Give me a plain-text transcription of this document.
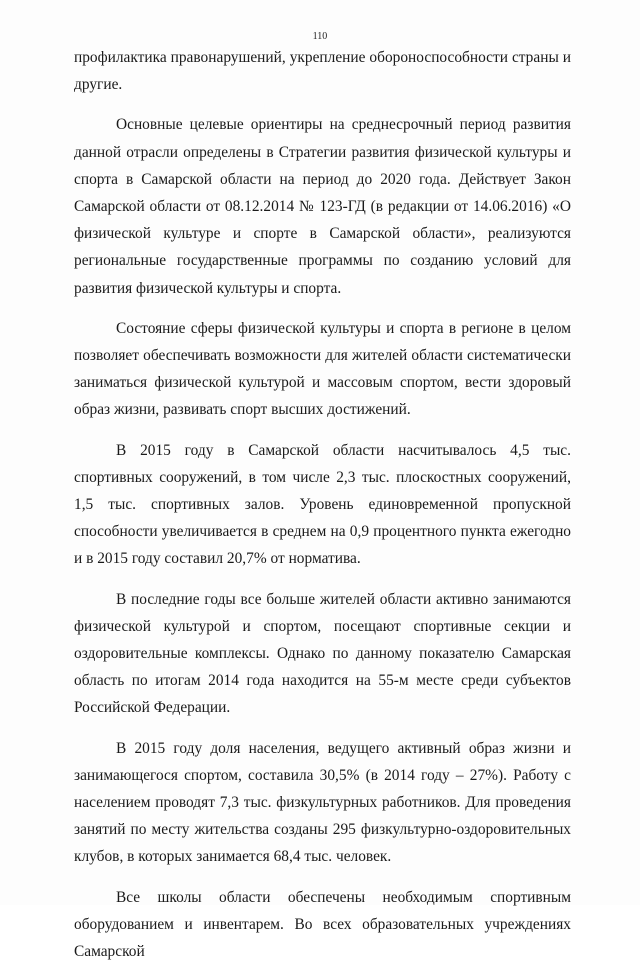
110

профилактика правонарушений, укрепление обороноспособности страны и другие.

Основные целевые ориентиры на среднесрочный период развития данной отрасли определены в Стратегии развития физической культуры и спорта в Самарской области на период до 2020 года. Действует Закон Самарской области от 08.12.2014 № 123-ГД (в редакции от 14.06.2016) «О физической культуре и спорте в Самарской области», реализуются региональные государственные программы по созданию условий для развития физической культуры и спорта.

Состояние сферы физической культуры и спорта в регионе в целом позволяет обеспечивать возможности для жителей области систематически заниматься физической культурой и массовым спортом, вести здоровый образ жизни, развивать спорт высших достижений.

В 2015 году в Самарской области насчитывалось 4,5 тыс. спортивных сооружений, в том числе 2,3 тыс. плоскостных сооружений, 1,5 тыс. спортивных залов. Уровень единовременной пропускной способности увеличивается в среднем на 0,9 процентного пункта ежегодно и в 2015 году составил 20,7% от норматива.

В последние годы все больше жителей области активно занимаются физической культурой и спортом, посещают спортивные секции и оздоровительные комплексы. Однако по данному показателю Самарская область по итогам 2014 года находится на 55-м месте среди субъектов Российской Федерации.

В 2015 году доля населения, ведущего активный образ жизни и занимающегося спортом, составила 30,5% (в 2014 году – 27%). Работу с населением проводят 7,3 тыс. физкультурных работников. Для проведения занятий по месту жительства созданы 295 физкультурно-оздоровительных клубов, в которых занимается 68,4 тыс. человек.

Все школы области обеспечены необходимым спортивным оборудованием и инвентарем. Во всех образовательных учреждениях Самарской
